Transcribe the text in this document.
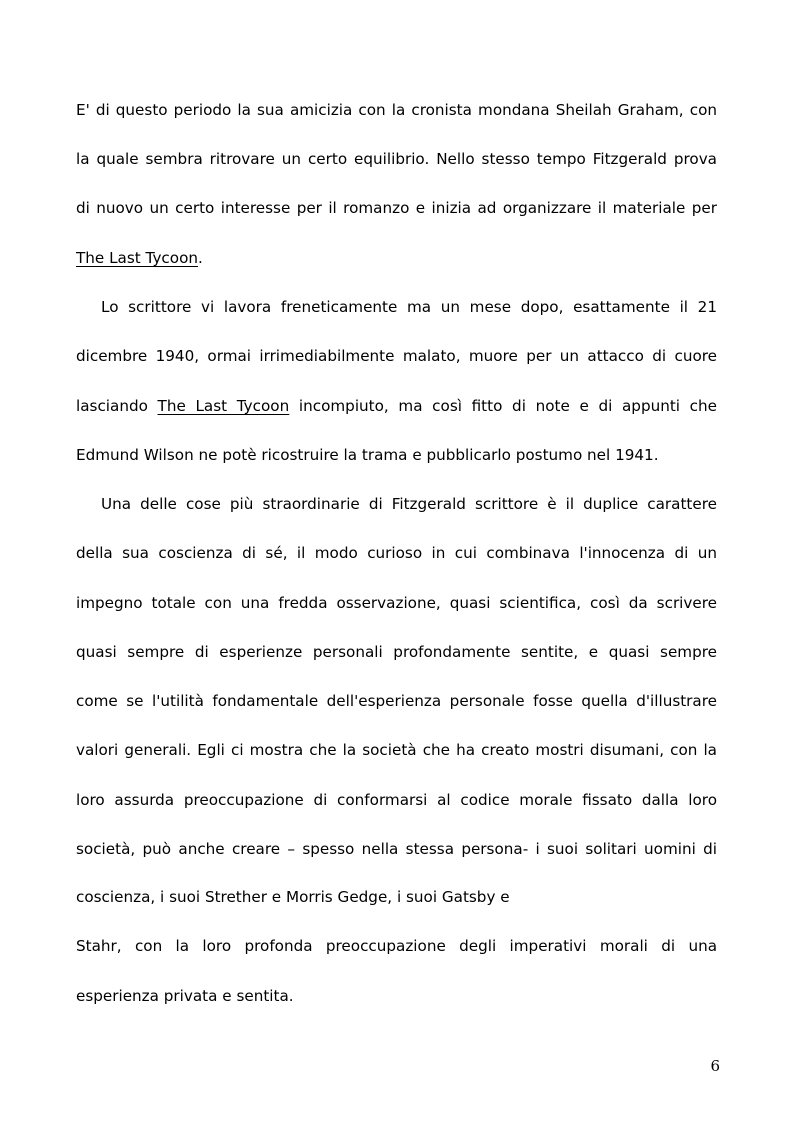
E' di questo periodo la sua amicizia con la cronista mondana Sheilah Graham, con
la quale sembra ritrovare un certo equilibrio. Nello stesso tempo Fitzgerald prova
di nuovo un certo interesse per il romanzo e inizia ad organizzare il materiale per
The Last Tycoon.
Lo scrittore vi lavora freneticamente ma un mese dopo, esattamente il 21
dicembre 1940, ormai irrimediabilmente malato, muore per un attacco di cuore
lasciando The Last Tycoon incompiuto, ma così fitto di note e di appunti che
Edmund Wilson ne potè ricostruire la trama e pubblicarlo postumo nel 1941.
Una delle cose più straordinarie di Fitzgerald scrittore è il duplice carattere
della sua coscienza di sé, il modo curioso in cui combinava l'innocenza di un
impegno totale con una fredda osservazione, quasi scientifica, così da scrivere
quasi sempre di esperienze personali profondamente sentite, e quasi sempre
come se l'utilità fondamentale dell'esperienza personale fosse quella d'illustrare
valori generali. Egli ci mostra che la società che ha creato mostri disumani, con la
loro assurda preoccupazione di conformarsi al codice morale fissato dalla loro
società, può anche creare – spesso nella stessa persona- i suoi solitari uomini di
coscienza, i suoi Strether e Morris Gedge, i suoi Gatsby e
Stahr, con la loro profonda preoccupazione degli imperativi morali di una
esperienza privata e sentita.
6
